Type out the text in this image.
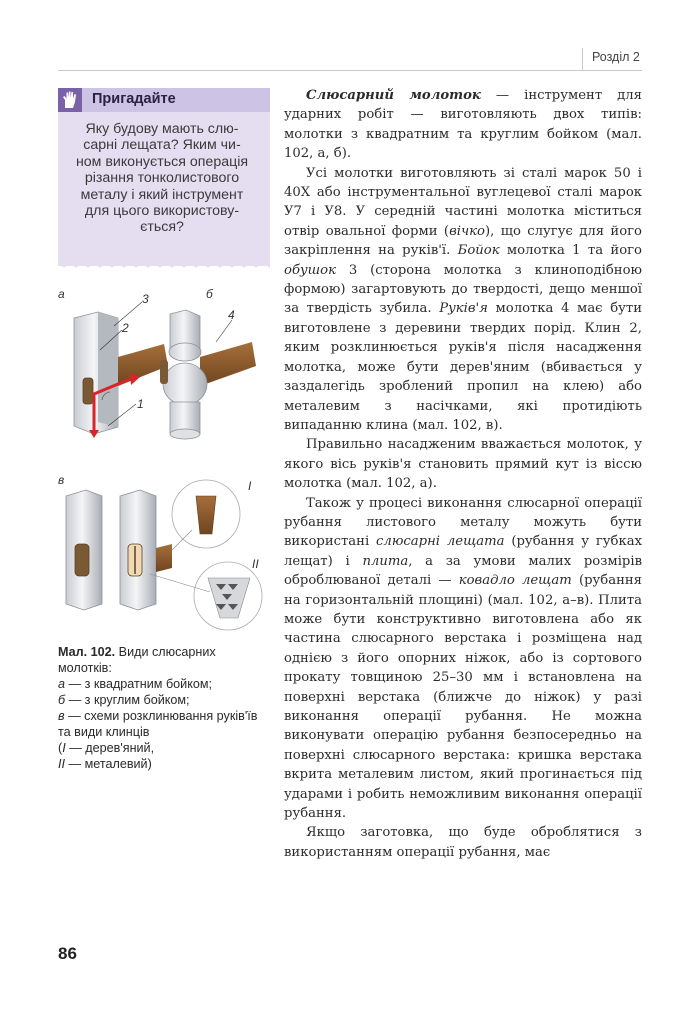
Розділ 2
Пригадайте
Яку будову мають слю-
сарні лещата? Яким чи-
ном виконується операція
різання тонколистового
металу і який інструмент
для цього використову-
ється?
а	3
2
1
б
4
в	I
II
Мал. 102. Види слюсарних молотків:
а — з квадратним бойком;
б — з круглим бойком;
в — схеми розклинювання руків'їв та види клинців
(I — дерев'яний,
II — металевий)

Слюсарний молоток — інструмент для ударних робіт — виготовляють двох типів: молотки з квадратним та круглим бойком (мал. 102, а, б).

Усі молотки виготовляють зі сталі марок 50 і 40Х або інструментальної вуглецевої сталі марок У7 і У8. У середній частині молотка міститься отвір овальної форми (вічко), що слугує для його закріплення на руків'ї. Бойок молотка 1 та його обушок 3 (сторона молотка з клиноподібною формою) загартовують до твердості, дещо меншої за твердість зубила. Руків'я молотка 4 має бути виготовлене з деревини твердих порід. Клин 2, яким розклинюється руків'я після насадження молотка, може бути дерев'яним (вбивається у заздалегідь зроблений пропил на клею) або металевим з насічками, які протидіють випаданню клина (мал. 102, в).

Правильно насадженим вважається молоток, у якого вісь руків'я становить прямий кут із віссю молотка (мал. 102, а).

Також у процесі виконання слюсарної операції рубання листового металу можуть бути використані слюсарні лещата (рубання у губках лещат) і плита, а за умови малих розмірів оброблюваної деталі — ковадло лещат (рубання на горизонтальній площині) (мал. 102, а–в). Плита може бути конструктивно виготовлена або як частина слюсарного верстака і розміщена над однією з його опорних ніжок, або із сортового прокату товщиною 25–30 мм і встановлена на поверхні верстака (ближче до ніжок) у разі виконання операції рубання. Не можна виконувати операцію рубання безпосередньо на поверхні слюсарного верстака: кришка верстака вкрита металевим листом, який прогинається під ударами і робить неможливим виконання операції рубання.

Якщо заготовка, що буде оброблятися з використанням операції рубання, має

86
